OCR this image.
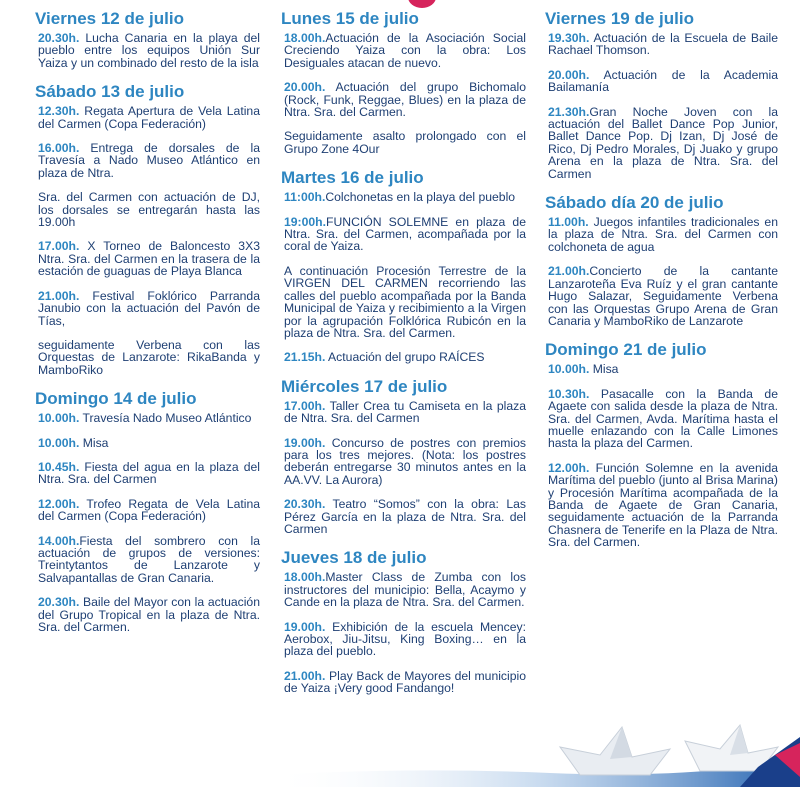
Viernes 12 de julio
20.30h. Lucha Canaria en la playa del pueblo entre los equipos Unión Sur Yaiza y un combinado del resto de la isla
Sábado 13 de julio
12.30h. Regata Apertura de Vela Latina del Carmen (Copa Federación)
16.00h. Entrega de dorsales de la Travesía a Nado Museo Atlántico en plaza de Ntra.
Sra. del Carmen con actuación de DJ, los dorsales se entregarán hasta las 19.00h
17.00h. X Torneo de Baloncesto 3X3 Ntra. Sra. del Carmen en la trasera de la estación de guaguas de Playa Blanca
21.00h. Festival Foklórico Parranda Janubio con la actuación del Pavón de Tías,
seguidamente Verbena con las Orquestas de Lanzarote: RikaBanda y MamboRiko
Domingo 14 de julio
10.00h. Travesía Nado Museo Atlántico
10.00h. Misa
10.45h. Fiesta del agua en la plaza del Ntra. Sra. del Carmen
12.00h. Trofeo Regata de Vela Latina del Carmen (Copa Federación)
14.00h.Fiesta del sombrero con la actuación de grupos de versiones: Treintytantos de Lanzarote y Salvapantallas de Gran Canaria.
20.30h. Baile del Mayor con la actuación del Grupo Tropical en la plaza de Ntra. Sra. del Carmen.
Lunes 15 de julio
18.00h.Actuación de la Asociación Social Creciendo Yaiza con la obra: Los Desiguales atacan de nuevo.
20.00h. Actuación del grupo Bichomalo (Rock, Funk, Reggae, Blues) en la plaza de Ntra. Sra. del Carmen.
Seguidamente asalto prolongado con el Grupo Zone 4Our
Martes 16 de julio
11:00h.Colchonetas en la playa del pueblo
19:00h.FUNCIÓN SOLEMNE en plaza de Ntra. Sra. del Carmen, acompañada por la coral de Yaiza.
A continuación Procesión Terrestre de la VIRGEN DEL CARMEN recorriendo las calles del pueblo acompañada por la Banda Municipal de Yaiza y recibimiento a la Virgen por la agrupación Folklórica Rubicón en la plaza de Ntra. Sra. del Carmen.
21.15h. Actuación del grupo RAÍCES
Miércoles 17 de julio
17.00h. Taller Crea tu Camiseta en la plaza de Ntra. Sra. del Carmen
19.00h. Concurso de postres con premios para los tres mejores. (Nota: los postres deberán entregarse 30 minutos antes en la AA.VV. La Aurora)
20.30h. Teatro “Somos” con la obra: Las Pérez García en la plaza de Ntra. Sra. del Carmen
Jueves 18 de julio
18.00h.Master Class de Zumba con los instructores del municipio: Bella, Acaymo y Cande en la plaza de Ntra. Sra. del Carmen.
19.00h. Exhibición de la escuela Mencey: Aerobox, Jiu-Jitsu, King Boxing… en la plaza del pueblo.
21.00h. Play Back de Mayores del municipio de Yaiza ¡Very good Fandango!
Viernes 19 de julio
19.30h. Actuación de la Escuela de Baile Rachael Thomson.
20.00h. Actuación de la Academia Bailamanía
21.30h.Gran Noche Joven con la actuación del Ballet Dance Pop Junior, Ballet Dance Pop. Dj Izan, Dj José de Rico, Dj Pedro Morales, Dj Juako y grupo Arena en la plaza de Ntra. Sra. del Carmen
Sábado día 20 de julio
11.00h. Juegos infantiles tradicionales en la plaza de Ntra. Sra. del Carmen con colchoneta de agua
21.00h.Concierto de la cantante Lanzaroteña Eva Ruíz y el gran cantante Hugo Salazar, Seguidamente Verbena con las Orquestas Grupo Arena de Gran Canaria y MamboRiko de Lanzarote
Domingo 21 de julio
10.00h. Misa
10.30h. Pasacalle con la Banda de Agaete con salida desde la plaza de Ntra. Sra. del Carmen, Avda. Marítima hasta el muelle enlazando con la Calle Limones hasta la plaza del Carmen.
12.00h. Función Solemne en la avenida Marítima del pueblo (junto al Brisa Marina) y Procesión Marítima acompañada de la Banda de Agaete de Gran Canaria, seguidamente actuación de la Parranda Chasnera de Tenerife en la Plaza de Ntra. Sra. del Carmen.
